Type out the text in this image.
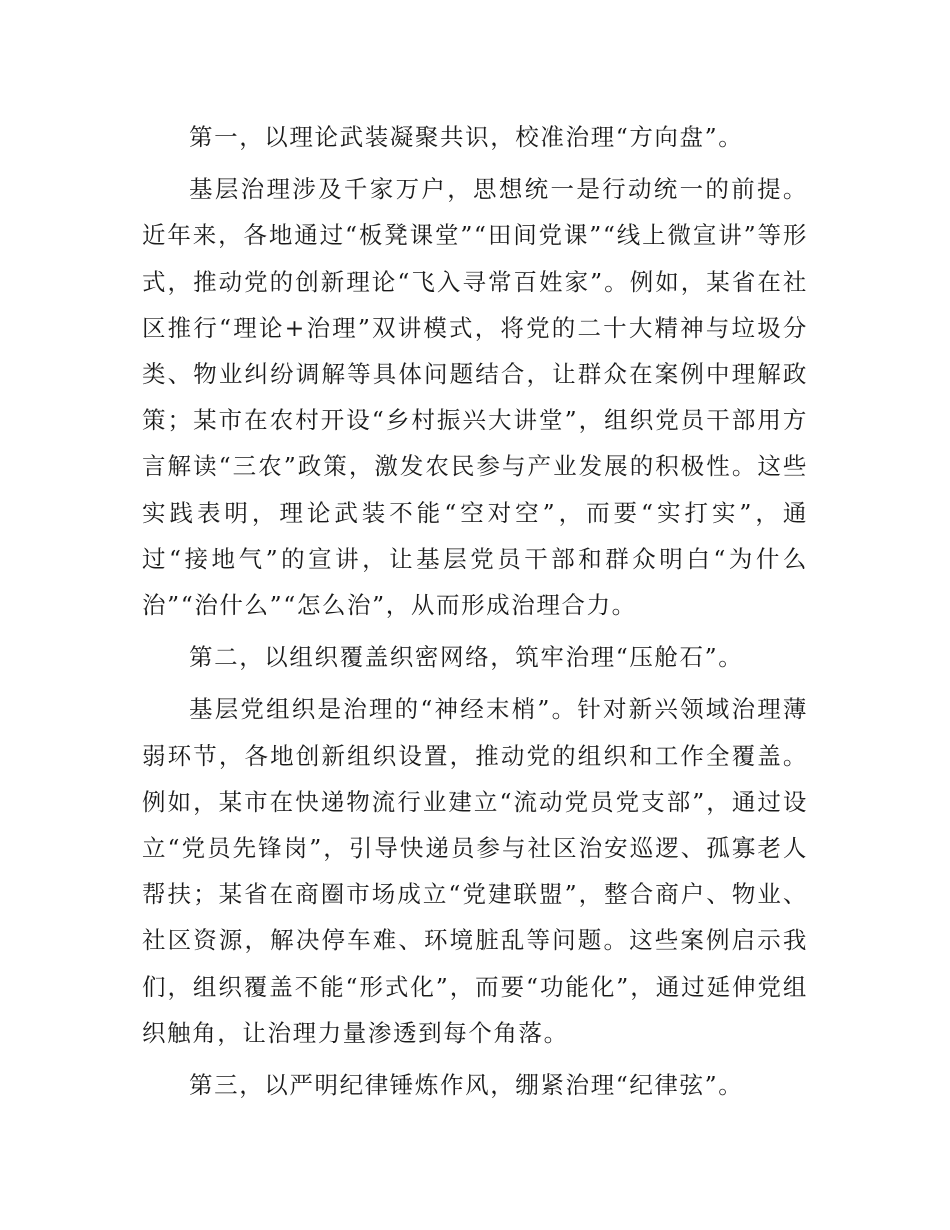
第一，以理论武装凝聚共识，校准治理“方向盘”。

基层治理涉及千家万户，思想统一是行动统一的前提。近年来，各地通过“板凳课堂”“田间党课”“线上微宣讲”等形式，推动党的创新理论“飞入寻常百姓家”。例如，某省在社区推行“理论+治理”双讲模式，将党的二十大精神与垃圾分类、物业纠纷调解等具体问题结合，让群众在案例中理解政策；某市在农村开设“乡村振兴大讲堂”，组织党员干部用方言解读“三农”政策，激发农民参与产业发展的积极性。这些实践表明，理论武装不能“空对空”，而要“实打实”，通过“接地气”的宣讲，让基层党员干部和群众明白“为什么治”“治什么”“怎么治”，从而形成治理合力。

第二，以组织覆盖织密网络，筑牢治理“压舱石”。

基层党组织是治理的“神经末梢”。针对新兴领域治理薄弱环节，各地创新组织设置，推动党的组织和工作全覆盖。例如，某市在快递物流行业建立“流动党员党支部”，通过设立“党员先锋岗”，引导快递员参与社区治安巡逻、孤寡老人帮扶；某省在商圈市场成立“党建联盟”，整合商户、物业、社区资源，解决停车难、环境脏乱等问题。这些案例启示我们，组织覆盖不能“形式化”，而要“功能化”，通过延伸党组织触角，让治理力量渗透到每个角落。

第三，以严明纪律锤炼作风，绷紧治理“纪律弦”。
